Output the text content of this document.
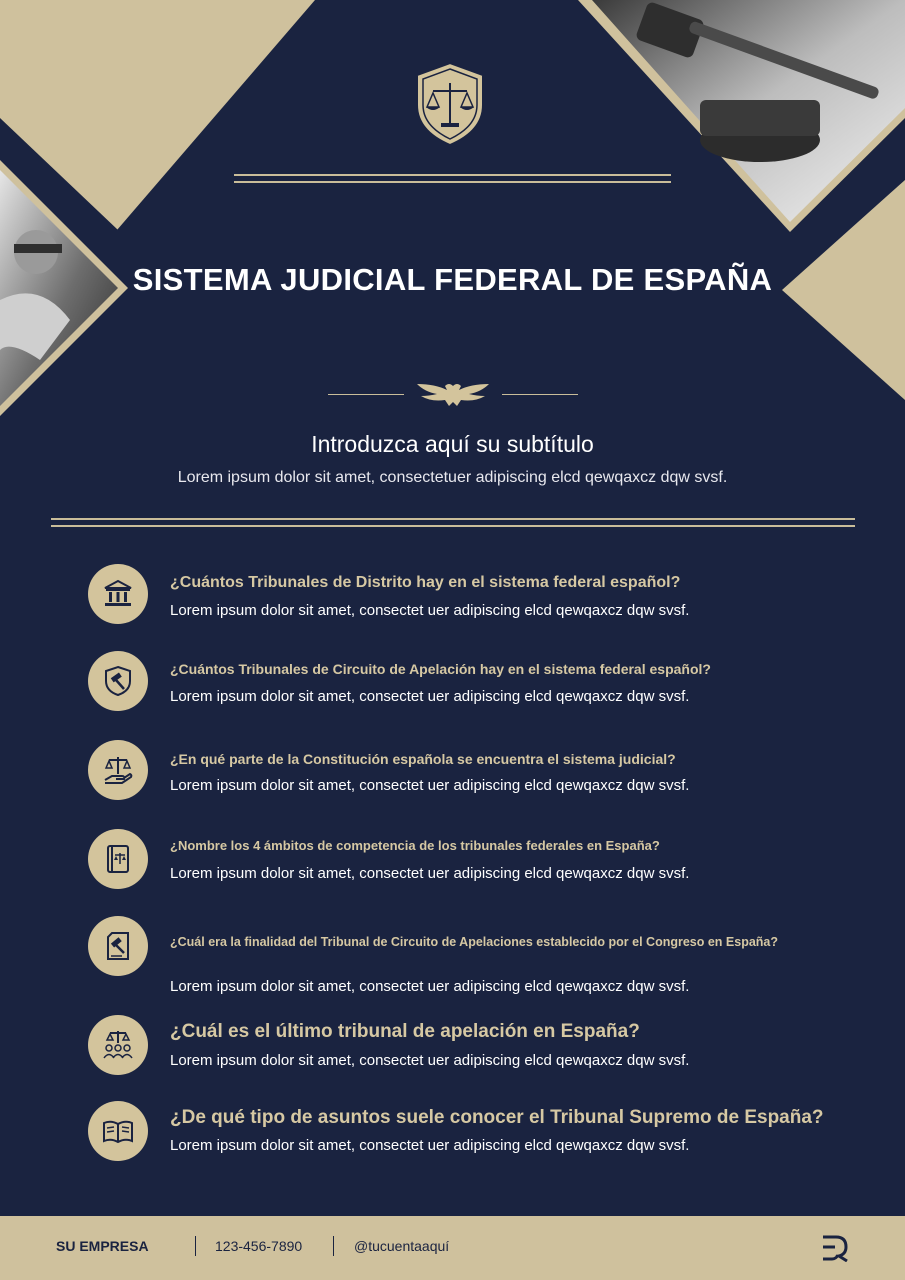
SISTEMA JUDICIAL FEDERAL DE ESPAÑA
Introduzca aquí su subtítulo
Lorem ipsum dolor sit amet, consectetuer adipiscing elcd qewqaxcz dqw svsf.
¿Cuántos Tribunales de Distrito hay en el sistema federal español?
Lorem ipsum dolor sit amet, consectet uer adipiscing elcd qewqaxcz dqw svsf.
¿Cuántos Tribunales de Circuito de Apelación hay en el sistema federal español?
Lorem ipsum dolor sit amet, consectet uer adipiscing elcd qewqaxcz dqw svsf.
¿En qué parte de la Constitución española se encuentra el sistema judicial?
Lorem ipsum dolor sit amet, consectet uer adipiscing elcd qewqaxcz dqw svsf.
¿Nombre los 4 ámbitos de competencia de los tribunales federales en España?
Lorem ipsum dolor sit amet, consectet uer adipiscing elcd qewqaxcz dqw svsf.
¿Cuál era la finalidad del Tribunal de Circuito de Apelaciones establecido por el Congreso en España?
Lorem ipsum dolor sit amet, consectet uer adipiscing elcd qewqaxcz dqw svsf.
¿Cuál es el último tribunal de apelación en España?
Lorem ipsum dolor sit amet, consectet uer adipiscing elcd qewqaxcz dqw svsf.
¿De qué tipo de asuntos suele conocer el Tribunal Supremo de España?
Lorem ipsum dolor sit amet, consectet uer adipiscing elcd qewqaxcz dqw svsf.
SU EMPRESA	123-456-7890	@tucuentaaquí
